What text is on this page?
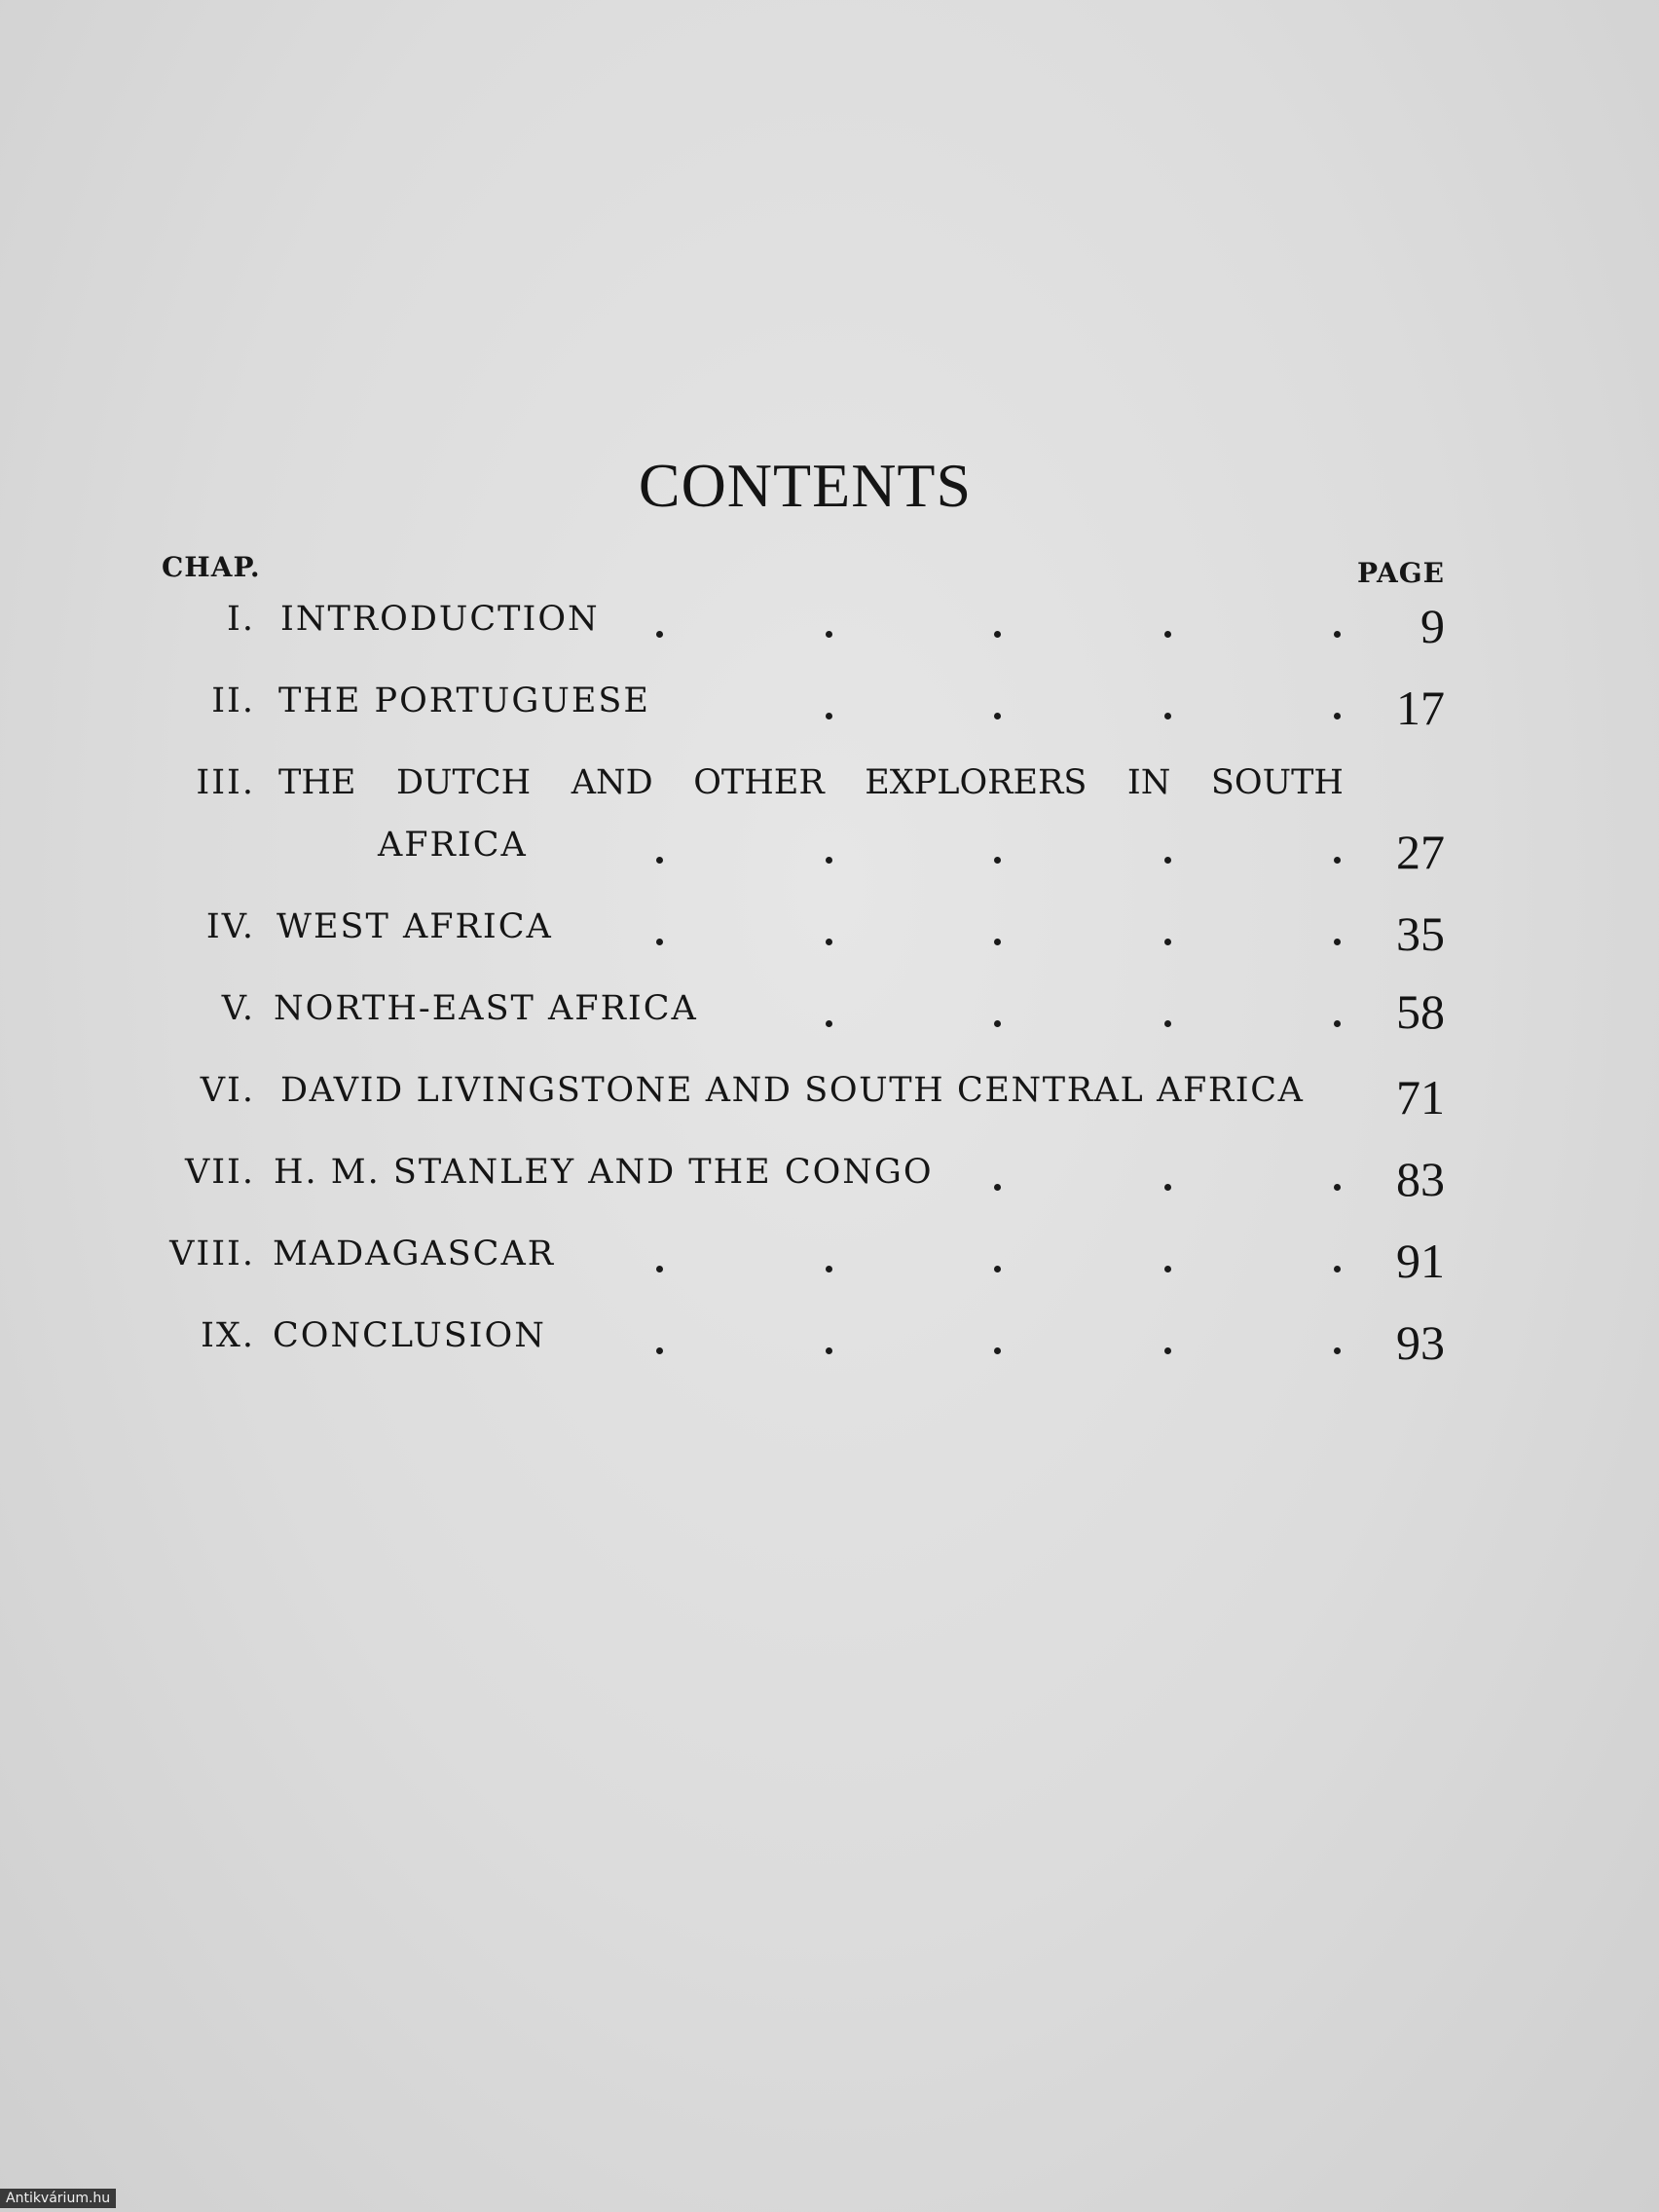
CONTENTS
CHAP.	PAGE
I. INTRODUCTION	9
II. THE PORTUGUESE	17
III. THE DUTCH AND OTHER EXPLORERS IN SOUTH
AFRICA	27
IV. WEST AFRICA	35
V. NORTH-EAST AFRICA	58
VI. DAVID LIVINGSTONE AND SOUTH CENTRAL AFRICA 71
VII. H. M. STANLEY AND THE CONGO	83
VIII. MADAGASCAR	91
IX. CONCLUSION	93
Antikvárium.hu
